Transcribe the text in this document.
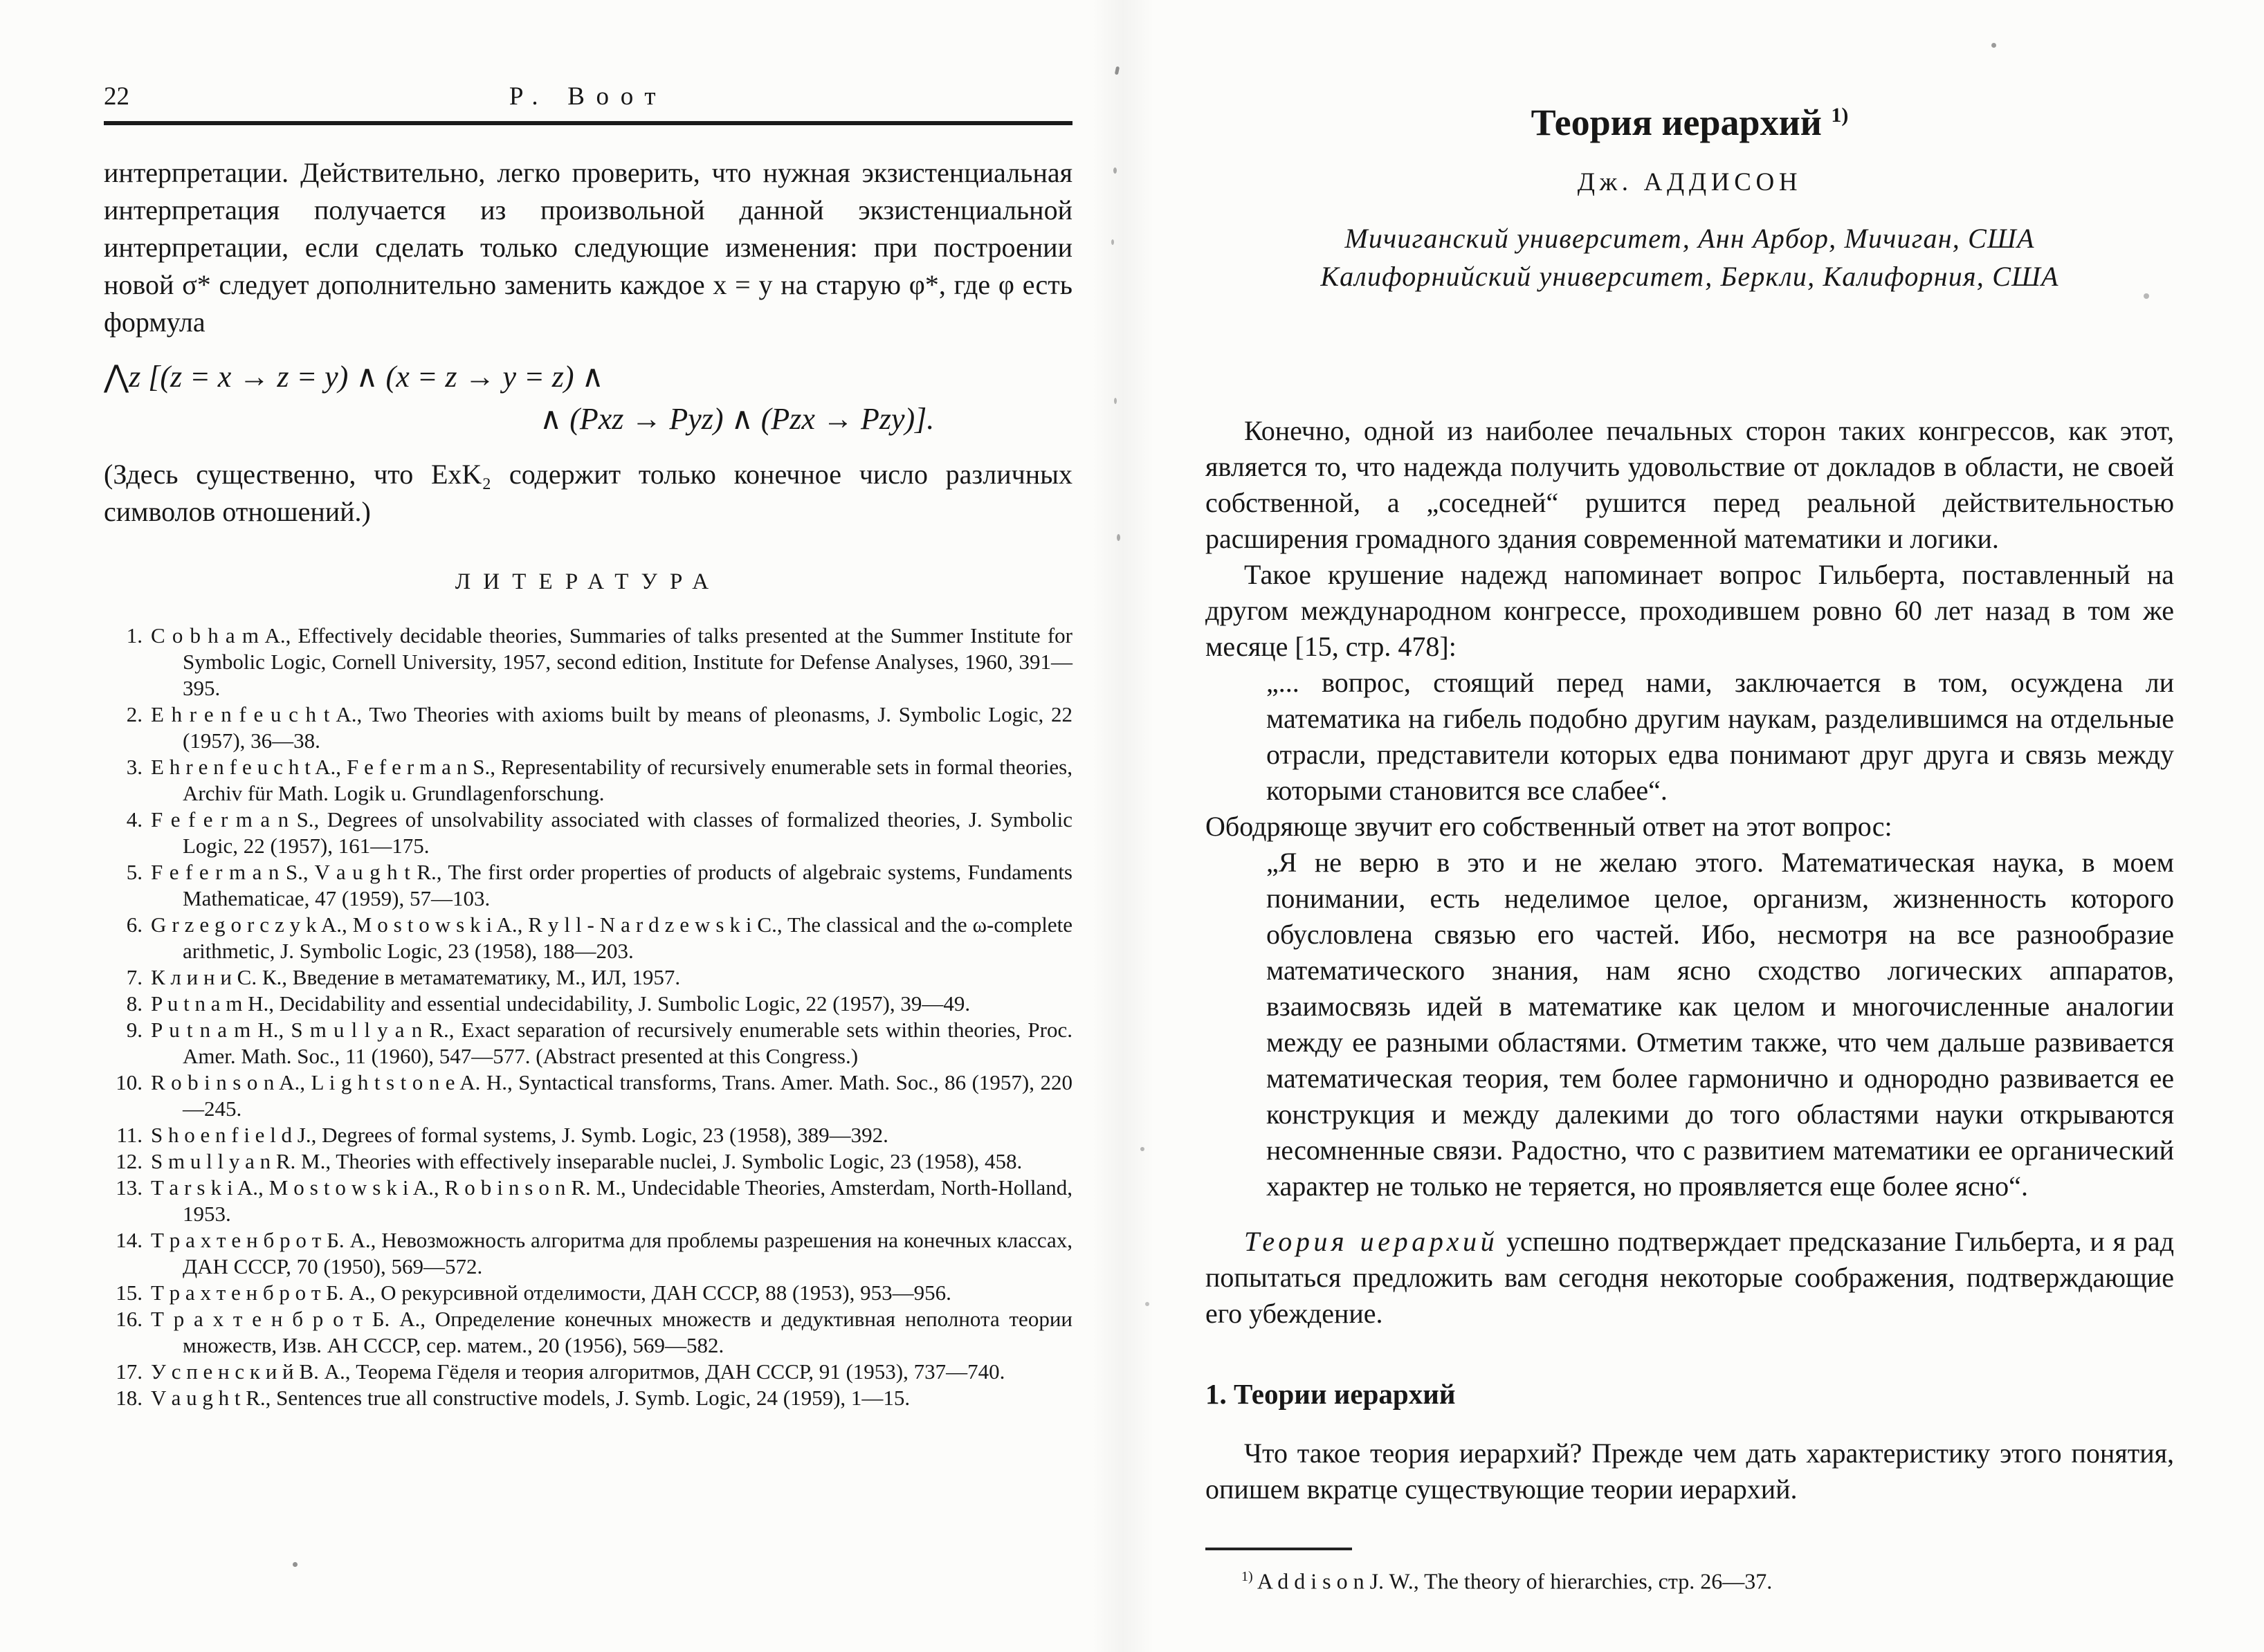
22	Р. Воот

интерпретации. Действительно, легко проверить, что нужная экзистенциальная интерпретация получается из произвольной данной экзистенциальной интерпретации, если сделать только следующие изменения: при построении новой σ* следует дополнительно заменить каждое x = y на старую φ*, где φ есть формула

⋀z [(z = x → z = y) ∧ (x = z → y = z) ∧
∧ (Pxz → Pyz) ∧ (Pzx → Pzy)].

(Здесь существенно, что ExK₂ содержит только конечное число различных символов отношений.)

ЛИТЕРАТУРА
1. C o b h a m A., Effectively decidable theories, Summaries of talks presented at the Summer Institute for Symbolic Logic, Cornell University, 1957, second edition, Institute for Defense Analyses, 1960, 391—395.
2. E h r e n f e u c h t A., Two Theories with axioms built by means of pleonasms, J. Symbolic Logic, 22 (1957), 36—38.
3. E h r e n f e u c h t A., F e f e r m a n S., Representability of recursively enumerable sets in formal theories, Archiv für Math. Logik u. Grundlagenforschung.
4. F e f e r m a n S., Degrees of unsolvability associated with classes of formalized theories, J. Symbolic Logic, 22 (1957), 161—175.
5. F e f e r m a n S., V a u g h t R., The first order properties of products of algebraic systems, Fundaments Mathematicae, 47 (1959), 57—103.
6. G r z e g o r c z y k A., M o s t o w s k i A., R y l l - N a r d z e w s k i C., The classical and the ω-complete arithmetic, J. Symbolic Logic, 23 (1958), 188—203.
7. К л и н и С. К., Введение в метаматематику, М., ИЛ, 1957.
8. P u t n a m H., Decidability and essential undecidability, J. Sumbolic Logic, 22 (1957), 39—49.
9. P u t n a m H., S m u l l y a n R., Exact separation of recursively enumerable sets within theories, Proc. Amer. Math. Soc., 11 (1960), 547—577. (Abstract presented at this Congress.)
10. R o b i n s o n A., L i g h t s t o n e A. H., Syntactical transforms, Trans. Amer. Math. Soc., 86 (1957), 220—245.
11. S h o e n f i e l d J., Degrees of formal systems, J. Symb. Logic, 23 (1958), 389—392.
12. S m u l l y a n R. M., Theories with effectively inseparable nuclei, J. Symbolic Logic, 23 (1958), 458.
13. T a r s k i A., M o s t o w s k i A., R o b i n s o n R. M., Undecidable Theories, Amsterdam, North-Holland, 1953.
14. Т р а х т е н б р о т Б. А., Невозможность алгоритма для проблемы разрешения на конечных классах, ДАН СССР, 70 (1950), 569—572.
15. Т р а х т е н б р о т Б. А., О рекурсивной отделимости, ДАН СССР, 88 (1953), 953—956.
16. Т р а х т е н б р о т Б. А., Определение конечных множеств и дедуктивная неполнота теории множеств, Изв. АН СССР, сер. матем., 20 (1956), 569—582.
17. У с п е н с к и й В. А., Теорема Гёделя и теория алгоритмов, ДАН СССР, 91 (1953), 737—740.
18. V a u g h t R., Sentences true all constructive models, J. Symb. Logic, 24 (1959), 1—15.
Теория иерархий $^{1)}$
Дж. АДДИСОН
Мичиганский университет, Анн Арбор, Мичиган, США
Калифорнийский университет, Беркли, Калифорния, США

Конечно, одной из наиболее печальных сторон таких конгрессов, как этот, является то, что надежда получить удовольствие от докладов в области, не своей собственной, а „соседней“ рушится перед реальной действительностью расширения громадного здания современной математики и логики.

Такое крушение надежд напоминает вопрос Гильберта, поставленный на другом международном конгрессе, проходившем ровно 60 лет назад в том же месяце [15, стр. 478]:

„... вопрос, стоящий перед нами, заключается в том, осуждена ли математика на гибель подобно другим наукам, разделившимся на отдельные отрасли, представители которых едва понимают друг друга и связь между которыми становится все слабее“.

Ободряюще звучит его собственный ответ на этот вопрос:

„Я не верю в это и не желаю этого. Математическая наука, в моем понимании, есть неделимое целое, организм, жизненность которого обусловлена связью его частей. Ибо, несмотря на все разнообразие математического знания, нам ясно сходство логических аппаратов, взаимосвязь идей в математике как целом и многочисленные аналогии между ее разными областями. Отметим также, что чем дальше развивается математическая теория, тем более гармонично и однородно развивается ее конструкция и между далекими до того областями науки открываются несомненные связи. Радостно, что с развитием математики ее органический характер не только не теряется, но проявляется еще более ясно“.

Теория иерархий успешно подтверждает предсказание Гильберта, и я рад попытаться предложить вам сегодня некоторые соображения, подтверждающие его убеждение.

1. Теории иерархий

Что такое теория иерархий? Прежде чем дать характеристику этого понятия, опишем вкратце существующие теории иерархий.

$^{1)}$ A d d i s o n J. W., The theory of hierarchies, стр. 26—37.
